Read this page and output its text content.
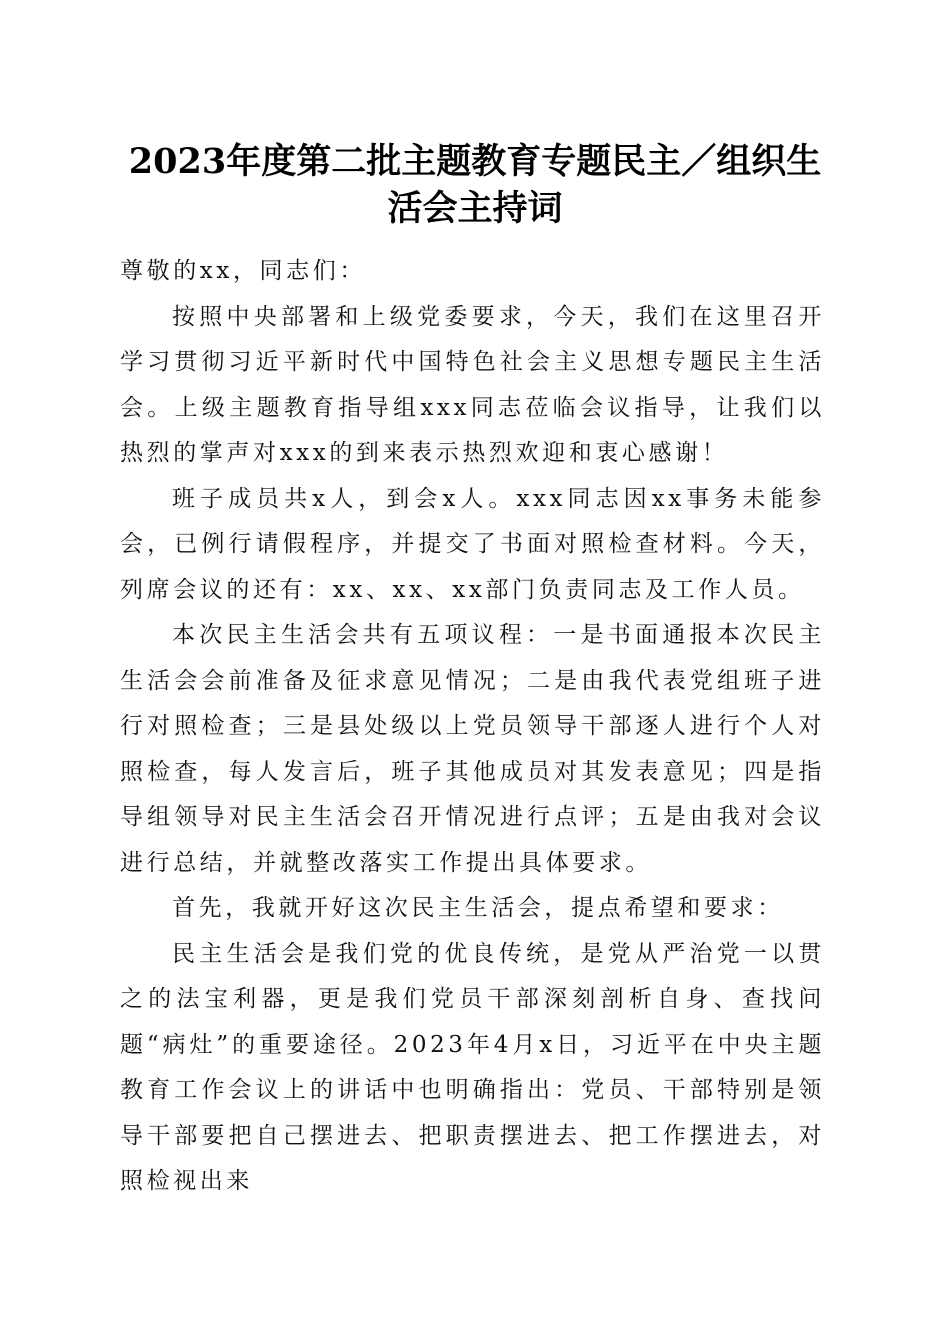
2023年度第二批主题教育专题民主／组织生
活会主持词

尊敬的xx，同志们：

按照中央部署和上级党委要求，今天，我们在这里召开学习贯彻习近平新时代中国特色社会主义思想专题民主生活会。上级主题教育指导组xxx同志莅临会议指导，让我们以热烈的掌声对xxx的到来表示热烈欢迎和衷心感谢！

班子成员共x人，到会x人。xxx同志因xx事务未能参会，已例行请假程序，并提交了书面对照检查材料。今天，列席会议的还有：xx、xx、xx部门负责同志及工作人员。

本次民主生活会共有五项议程：一是书面通报本次民主生活会会前准备及征求意见情况；二是由我代表党组班子进行对照检查；三是县处级以上党员领导干部逐人进行个人对照检查，每人发言后，班子其他成员对其发表意见；四是指导组领导对民主生活会召开情况进行点评；五是由我对会议进行总结，并就整改落实工作提出具体要求。

首先，我就开好这次民主生活会，提点希望和要求：

民主生活会是我们党的优良传统，是党从严治党一以贯之的法宝利器，更是我们党员干部深刻剖析自身、查找问题“病灶”的重要途径。2023年4月x日，习近平在中央主题教育工作会议上的讲话中也明确指出：党员、干部特别是领导干部要把自己摆进去、把职责摆进去、把工作摆进去，对照检视出来
